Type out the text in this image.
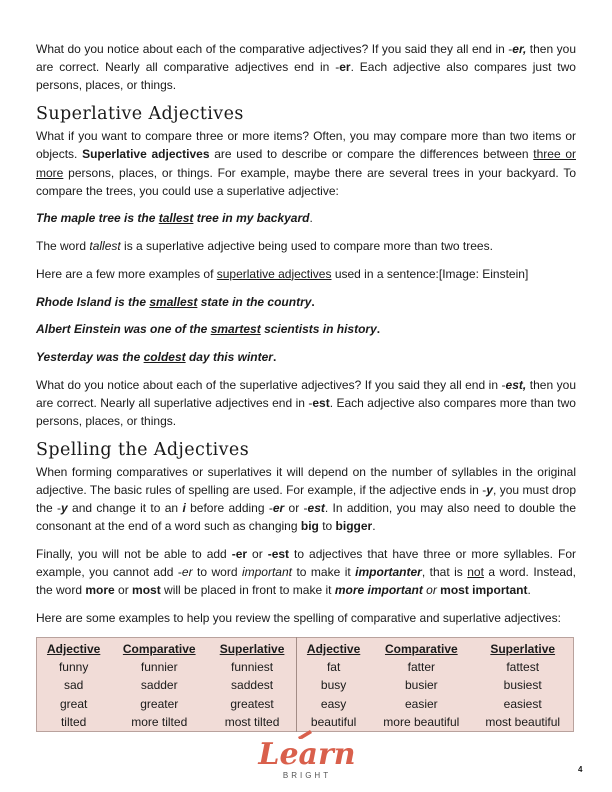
What do you notice about each of the comparative adjectives? If you said they all end in -er, then you are correct. Nearly all comparative adjectives end in -er. Each adjective also compares just two persons, places, or things.

Superlative Adjectives

What if you want to compare three or more items? Often, you may compare more than two items or objects. Superlative adjectives are used to describe or compare the differences between three or more persons, places, or things. For example, maybe there are several trees in your backyard. To compare the trees, you could use a superlative adjective:

The maple tree is the tallest tree in my backyard.

The word tallest is a superlative adjective being used to compare more than two trees.

Here are a few more examples of superlative adjectives used in a sentence:[Image: Einstein]

Rhode Island is the smallest state in the country.

Albert Einstein was one of the smartest scientists in history.

Yesterday was the coldest day this winter.

What do you notice about each of the superlative adjectives? If you said they all end in -est, then you are correct. Nearly all superlative adjectives end in -est. Each adjective also compares more than two persons, places, or things.

Spelling the Adjectives

When forming comparatives or superlatives it will depend on the number of syllables in the original adjective. The basic rules of spelling are used. For example, if the adjective ends in -y, you must drop the -y and change it to an i before adding -er or -est. In addition, you may also need to double the consonant at the end of a word such as changing big to bigger.

Finally, you will not be able to add -er or -est to adjectives that have three or more syllables. For example, you cannot add -er to word important to make it importanter, that is not a word. Instead, the word more or most will be placed in front to make it more important or most important.

Here are some examples to help you review the spelling of comparative and superlative adjectives:

Adjective	Comparative	Superlative	Adjective	Comparative	Superlative
funny	funnier	funniest	fat	fatter	fattest
sad	sadder	saddest	busy	busier	busiest
great	greater	greatest	easy	easier	easiest
tilted	more tilted	most tilted	beautiful	more beautiful	most beautiful
Learn
BRIGHT
4
